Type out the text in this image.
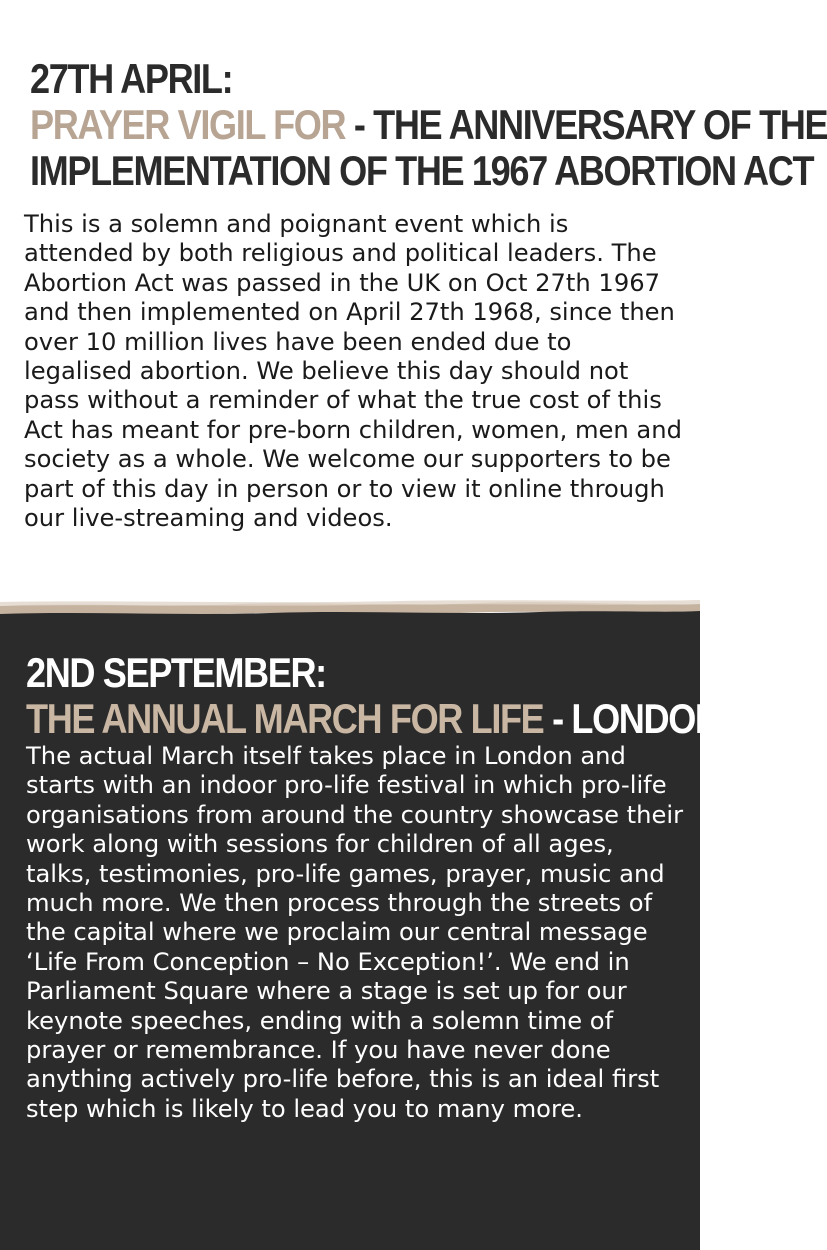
27TH APRIL:
PRAYER VIGIL FOR - THE ANNIVERSARY OF THE
IMPLEMENTATION OF THE 1967 ABORTION ACT

This is a solemn and poignant event which is attended by both religious and political leaders. The Abortion Act was passed in the UK on Oct 27th 1967 and then implemented on April 27th 1968, since then over 10 million lives have been ended due to legalised abortion. We believe this day should not pass without a reminder of what the true cost of this Act has meant for pre-born children, women, men and society as a whole. We welcome our supporters to be part of this day in person or to view it online through our live-streaming and videos.

2ND SEPTEMBER:
THE ANNUAL MARCH FOR LIFE - LONDON

The actual March itself takes place in London and starts with an indoor pro-life festival in which pro-life organisations from around the country showcase their work along with sessions for children of all ages, talks, testimonies, pro-life games, prayer, music and much more. We then process through the streets of the capital where we proclaim our central message ‘Life From Conception – No Exception!’. We end in Parliament Square where a stage is set up for our keynote speeches, ending with a solemn time of prayer or remembrance. If you have never done anything actively pro-life before, this is an ideal first step which is likely to lead you to many more.
